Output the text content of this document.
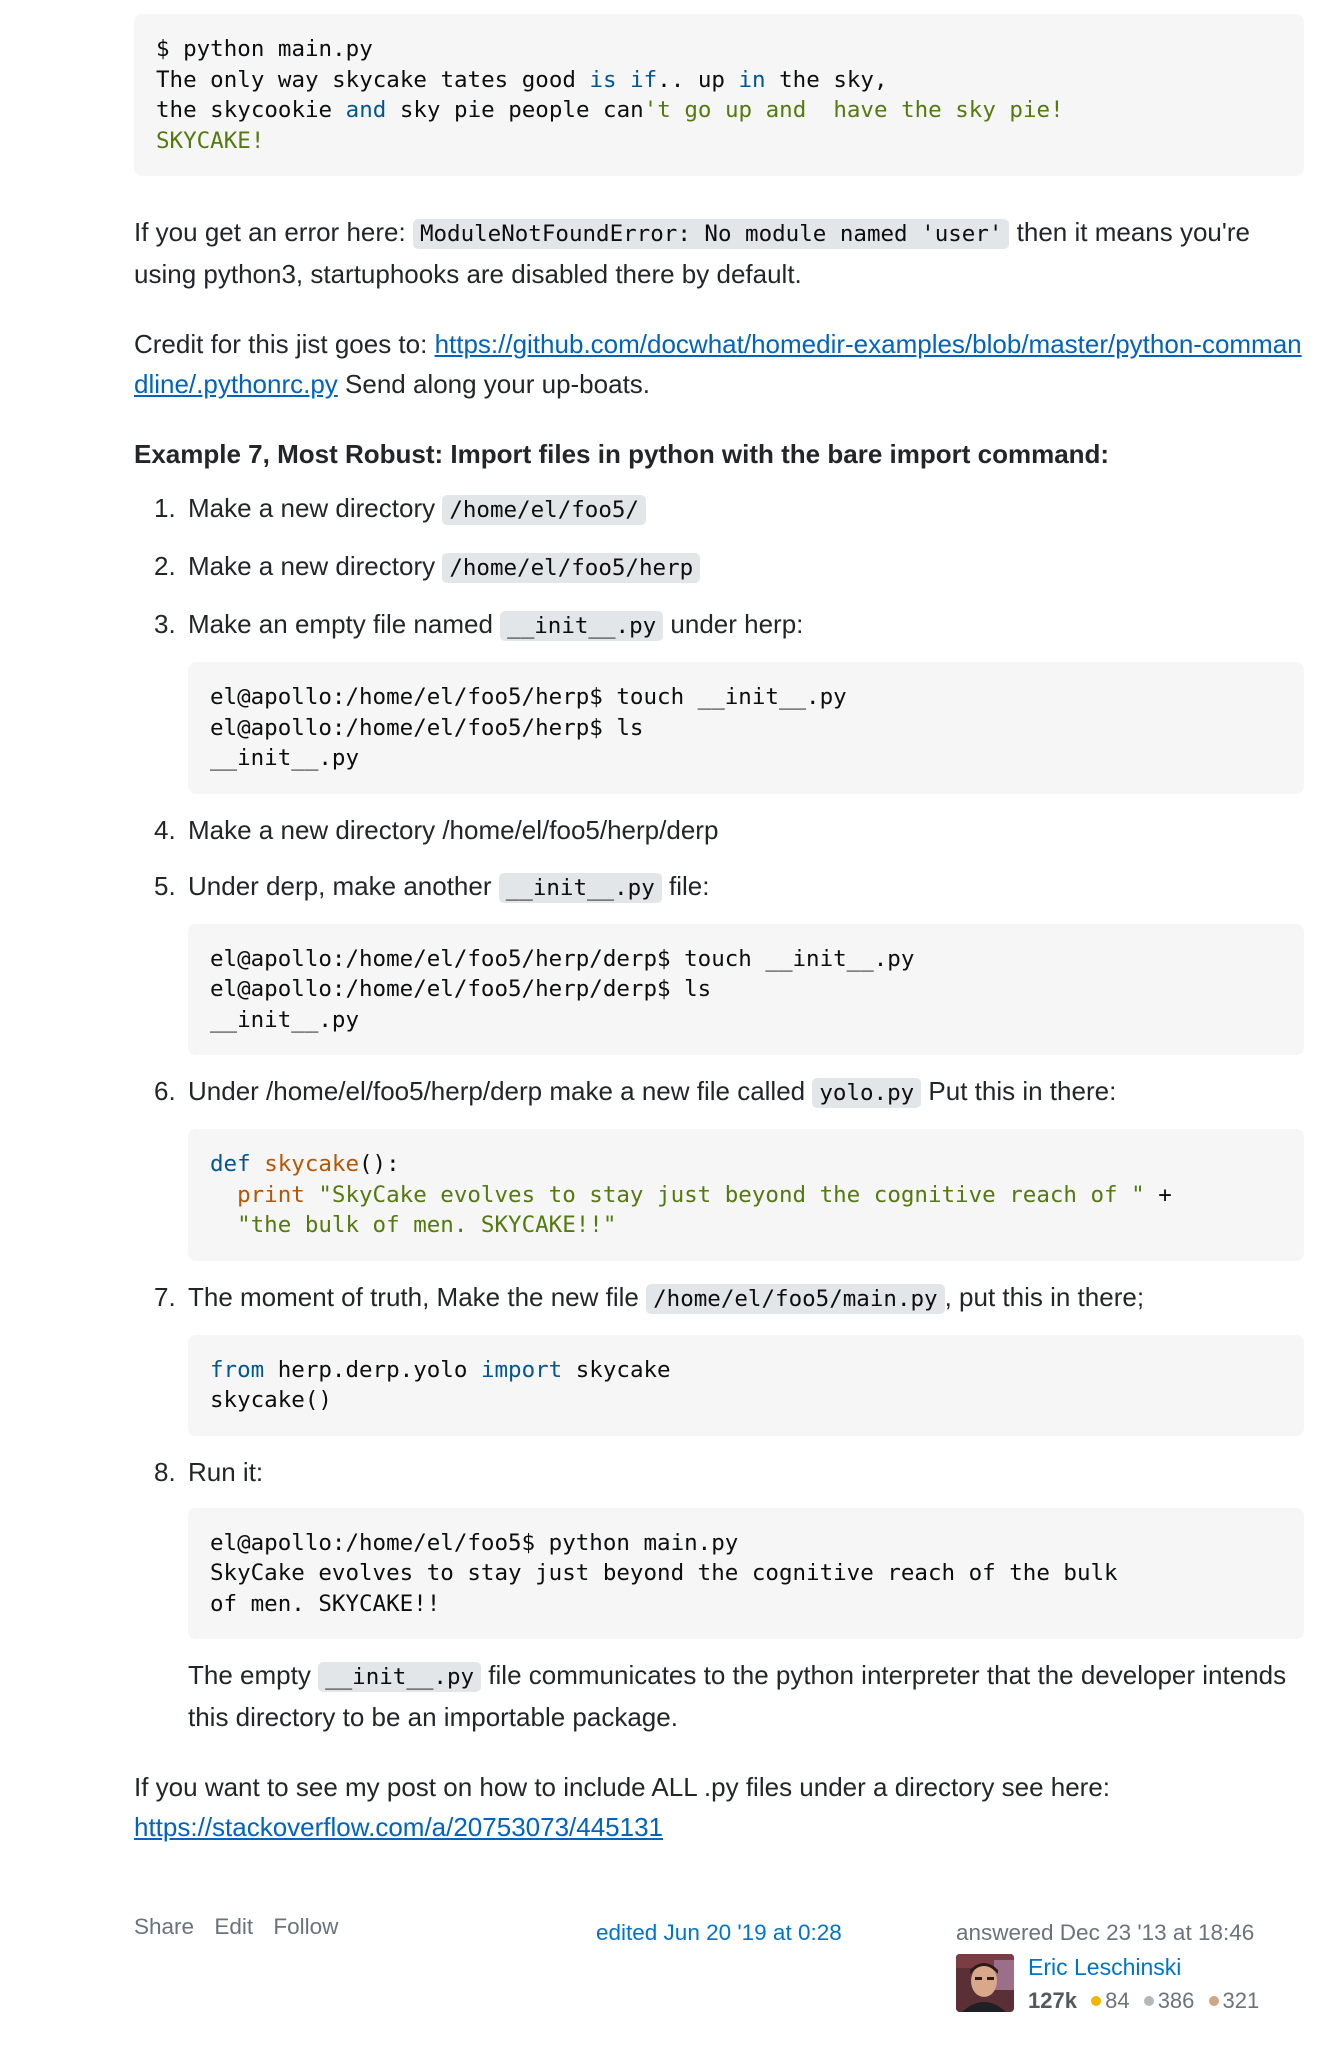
$ python main.py
The only way skycake tates good is if.. up in the sky,
the skycookie and sky pie people can't go up and  have the sky pie!
SKYCAKE!

If you get an error here: ModuleNotFoundError: No module named 'user' then it means you're using python3, startuphooks are disabled there by default.

Credit for this jist goes to: https://github.com/docwhat/homedir-examples/blob/master/python-commandline/.pythonrc.py Send along your up-boats.

Example 7, Most Robust: Import files in python with the bare import command:

1. Make a new directory /home/el/foo5/
2. Make a new directory /home/el/foo5/herp
3. Make an empty file named __init__.py under herp:
el@apollo:/home/el/foo5/herp$ touch __init__.py
el@apollo:/home/el/foo5/herp$ ls
__init__.py
4. Make a new directory /home/el/foo5/herp/derp
5. Under derp, make another __init__.py file:
el@apollo:/home/el/foo5/herp/derp$ touch __init__.py
el@apollo:/home/el/foo5/herp/derp$ ls
__init__.py
6. Under /home/el/foo5/herp/derp make a new file called yolo.py Put this in there:
def skycake():
print "SkyCake evolves to stay just beyond the cognitive reach of " +
"the bulk of men. SKYCAKE!!"
7. The moment of truth, Make the new file /home/el/foo5/main.py , put this in there;
from herp.derp.yolo import skycake
skycake()
8. Run it:
el@apollo:/home/el/foo5$ python main.py
SkyCake evolves to stay just beyond the cognitive reach of the bulk
of men. SKYCAKE!!

The empty __init__.py file communicates to the python interpreter that the developer intends this directory to be an importable package.

If you want to see my post on how to include ALL .py files under a directory see here: https://stackoverflow.com/a/20753073/445131

Share Edit Follow	edited Jun 20 '19 at 0:28	answered Dec 23 '13 at 18:46
Eric Leschinski
127k 84 386 321
